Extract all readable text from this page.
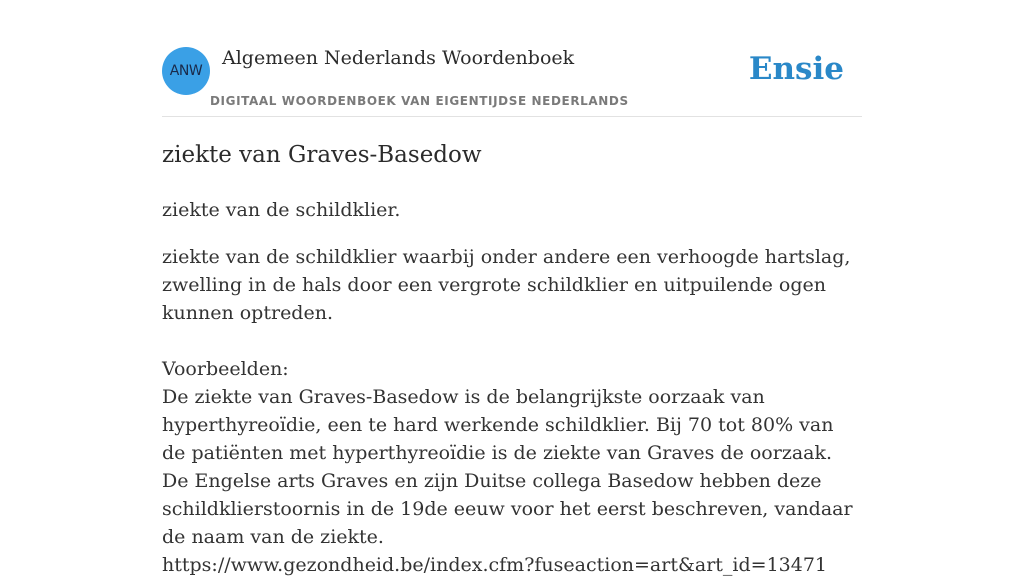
ANW
Algemeen Nederlands Woordenboek
DIGITAAL WOORDENBOEK VAN EIGENTIJDSE NEDERLANDS
Ensie
ziekte van Graves-Basedow

ziekte van de schildklier.

ziekte van de schildklier waarbij onder andere een verhoogde hartslag, zwelling in de hals door een vergrote schildklier en uitpuilende ogen kunnen optreden.

Voorbeelden:

De ziekte van Graves-Basedow is de belangrijkste oorzaak van hyperthyreoïdie, een te hard werkende schildklier. Bij 70 tot 80% van de patiënten met hyperthyreoïdie is de ziekte van Graves de oorzaak. De Engelse arts Graves en zijn Duitse collega Basedow hebben deze schildklierstoornis in de 19de eeuw voor het eerst beschreven, vandaar de naam van de ziekte.

https://www.gezondheid.be/index.cfm?fuseaction=art&art_id=13471
